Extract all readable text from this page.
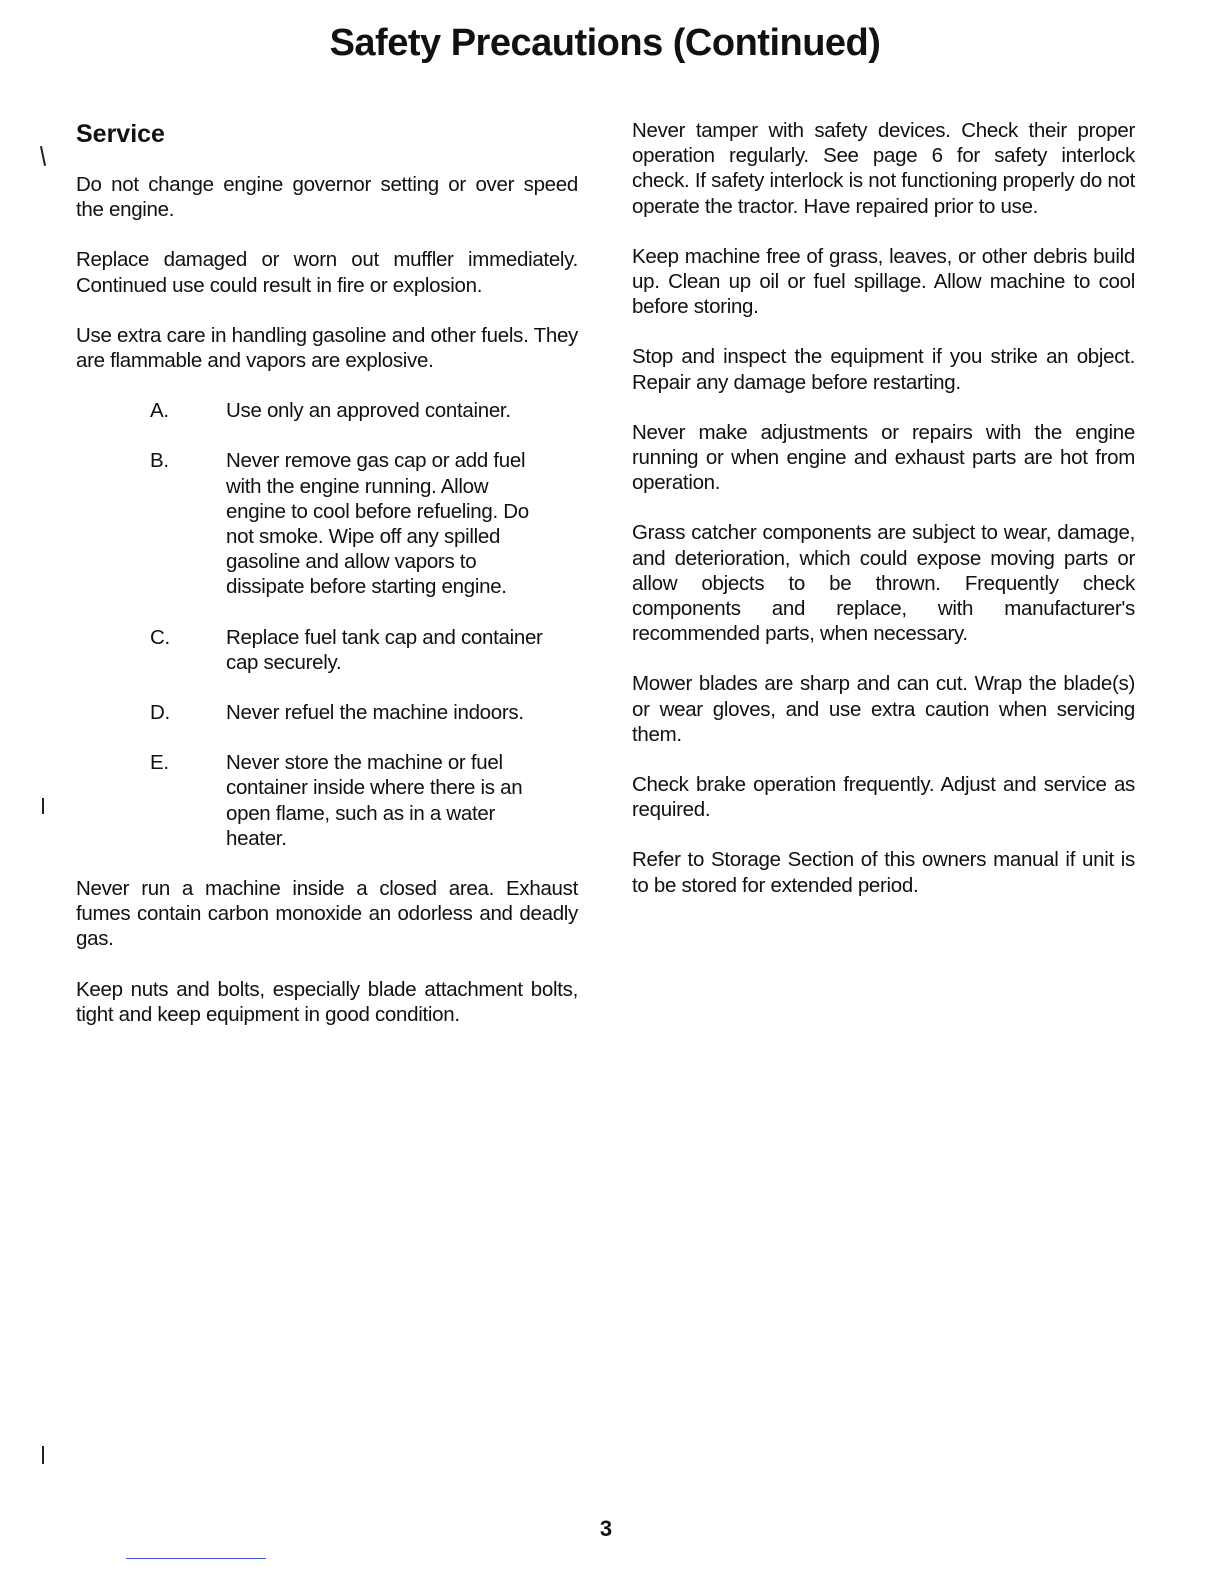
Safety Precautions (Continued)
Service

Do not change engine governor setting or over speed the engine.

Replace damaged or worn out muffler immediately. Continued use could result in fire or explosion.

Use extra care in handling gasoline and other fuels. They are flammable and vapors are explosive.

A.	Use only an approved container.
B.	Never remove gas cap or add fuel with the engine running. Allow engine to cool before refueling. Do not smoke. Wipe off any spilled gasoline and allow vapors to dissipate before starting engine.
C.	Replace fuel tank cap and container cap securely.
D.	Never refuel the machine indoors.
E.	Never store the machine or fuel container inside where there is an open flame, such as in a water heater.

Never run a machine inside a closed area. Exhaust fumes contain carbon monoxide an odorless and deadly gas.

Keep nuts and bolts, especially blade attachment bolts, tight and keep equipment in good condition.

Never tamper with safety devices. Check their proper operation regularly. See page 6 for safety interlock check. If safety interlock is not functioning properly do not operate the tractor. Have repaired prior to use.

Keep machine free of grass, leaves, or other debris build up. Clean up oil or fuel spillage. Allow machine to cool before storing.

Stop and inspect the equipment if you strike an object. Repair any damage before restarting.

Never make adjustments or repairs with the engine running or when engine and exhaust parts are hot from operation.

Grass catcher components are subject to wear, damage, and deterioration, which could expose moving parts or allow objects to be thrown. Frequently check components and replace, with manufacturer's recommended parts, when necessary.

Mower blades are sharp and can cut. Wrap the blade(s) or wear gloves, and use extra caution when servicing them.

Check brake operation frequently. Adjust and service as required.

Refer to Storage Section of this owners manual if unit is to be stored for extended period.

3
